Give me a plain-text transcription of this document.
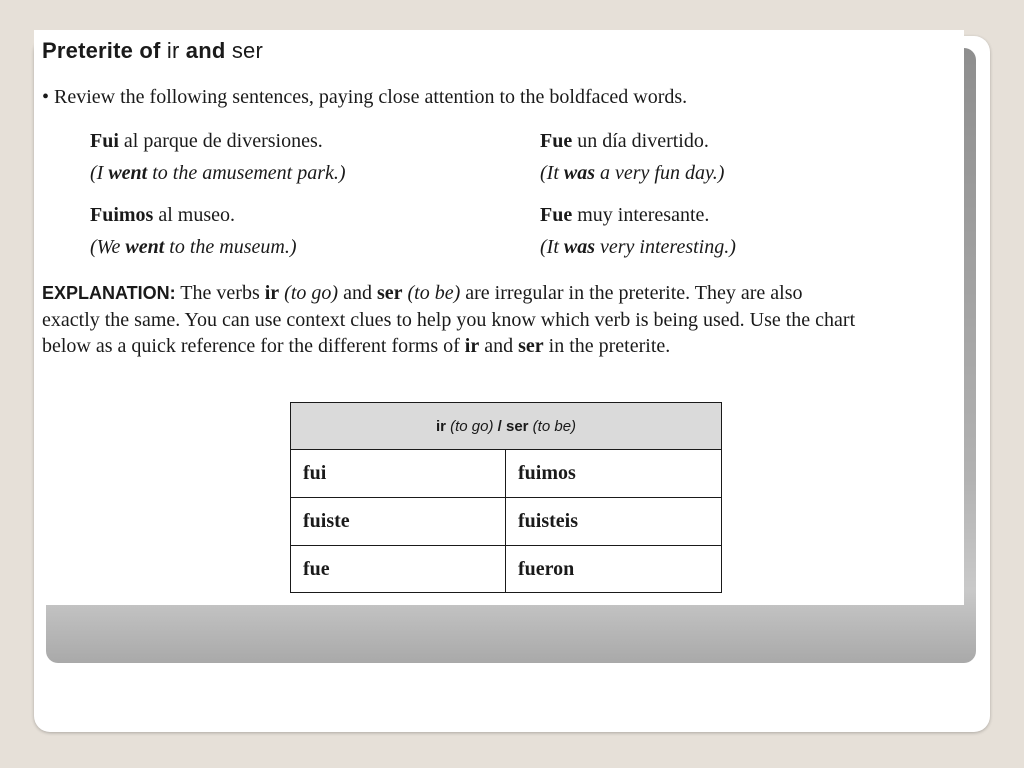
Preterite of ir and ser
• Review the following sentences, paying close attention to the boldfaced words.
Fui al parque de diversiones.
(I went to the amusement park.)
Fue un día divertido.
(It was a very fun day.)
Fuimos al museo.
(We went to the museum.)
Fue muy interesante.
(It was very interesting.)
EXPLANATION: The verbs ir (to go) and ser (to be) are irregular in the preterite. They are also exactly the same. You can use context clues to help you know which verb is being used. Use the chart below as a quick reference for the different forms of ir and ser in the preterite.
ir (to go) / ser (to be)
fui	fuimos
fuiste	fuisteis
fue	fueron
